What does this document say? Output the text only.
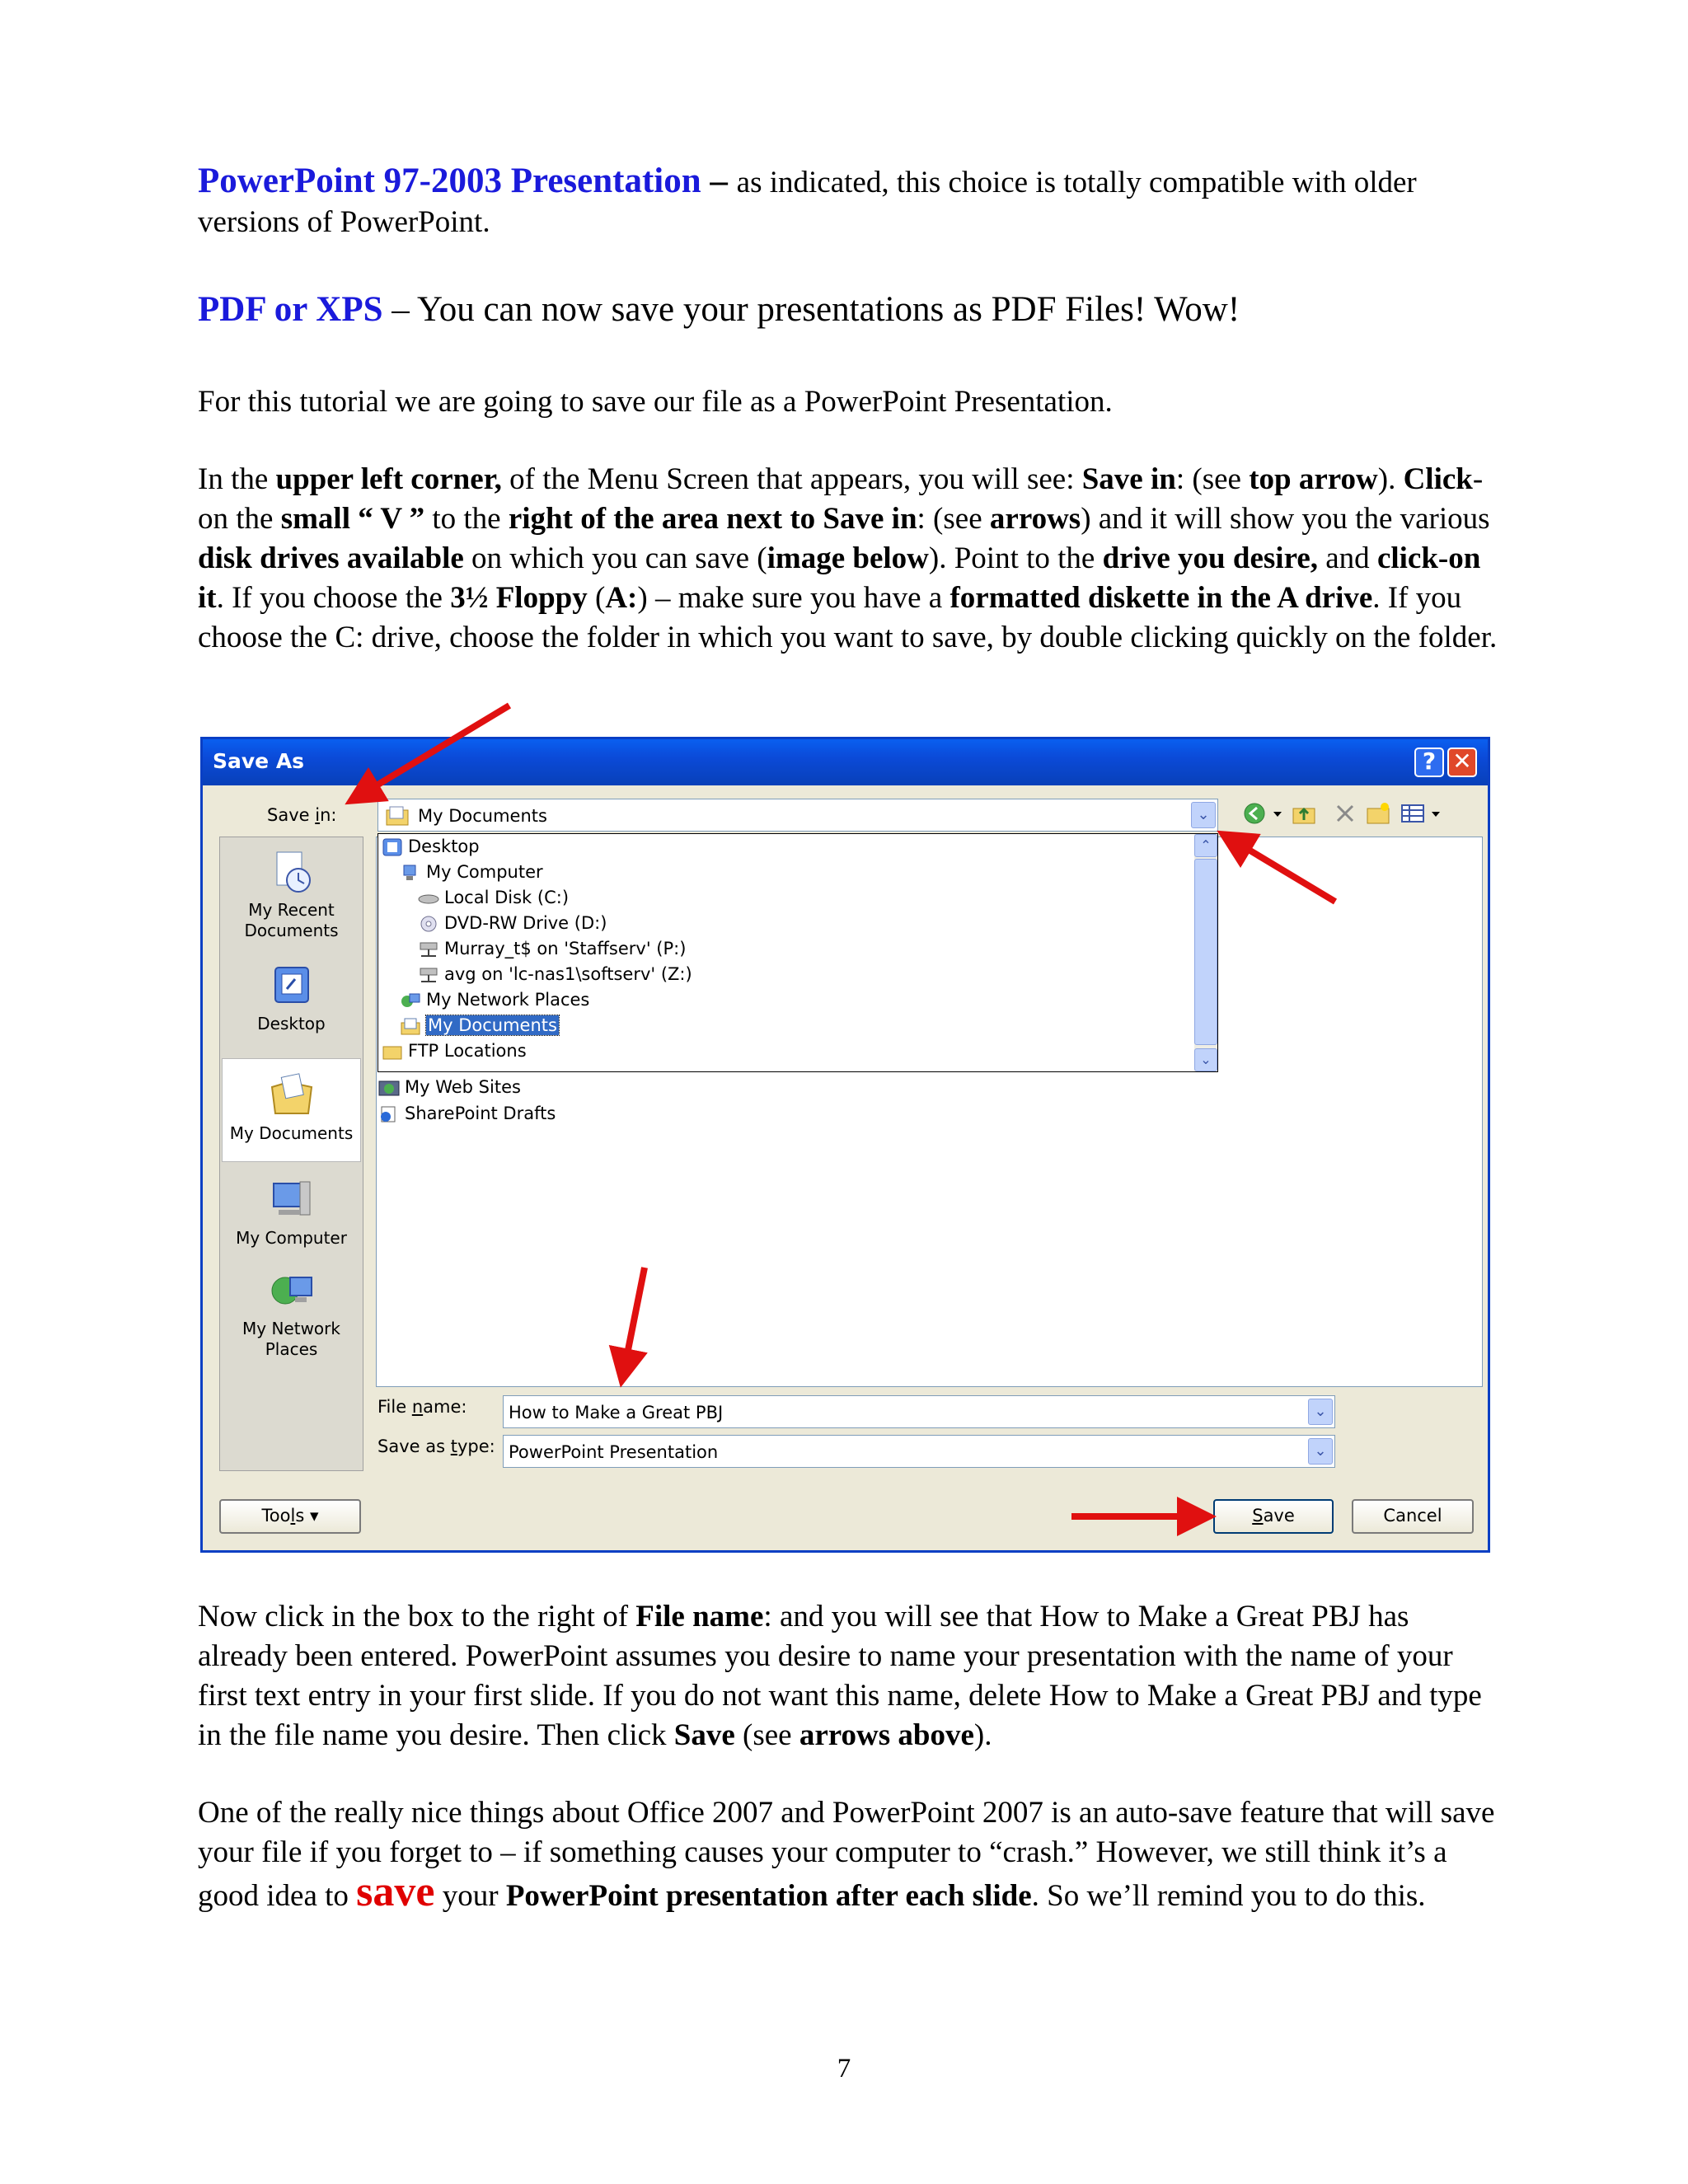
PowerPoint 97-2003 Presentation – as indicated, this choice is totally compatible with older versions of PowerPoint.

PDF or XPS – You can now save your presentations as PDF Files! Wow!

For this tutorial we are going to save our file as a PowerPoint Presentation.

In the upper left corner, of the Menu Screen that appears, you will see: Save in: (see top arrow). Click-on the small “ V ” to the right of the area next to Save in: (see arrows) and it will show you the various disk drives available on which you can save (image below). Point to the drive you desire, and click-on it. If you choose the 3½ Floppy (A:) – make sure you have a formatted diskette in the A drive. If you choose the C: drive, choose the folder in which you want to save, by double clicking quickly on the folder.

Save As	? ✕
Save in:	My Documents	⌄
My Recent
Documents
Desktop
My Documents
My Computer
My Network
Places
My Web Sites
SharePoint Drafts
Desktop
My Computer
Local Disk (C:)
DVD-RW Drive (D:)
Murray_t$ on 'Staffserv' (P:)
avg on 'lc-nas1\softserv' (Z:)
My Network Places
My Documents
FTP Locations
⌃
⌄
File name: How to Make a Great PBJ	⌄
Save as type: PowerPoint Presentation	⌄
Tools ▾	Save	Cancel

Now click in the box to the right of File name: and you will see that How to Make a Great PBJ has already been entered. PowerPoint assumes you desire to name your presentation with the name of your first text entry in your first slide. If you do not want this name, delete How to Make a Great PBJ and type in the file name you desire. Then click Save (see arrows above).

One of the really nice things about Office 2007 and PowerPoint 2007 is an auto-save feature that will save your file if you forget to – if something causes your computer to “crash.” However, we still think it’s a good idea to save your PowerPoint presentation after each slide. So we’ll remind you to do this.

7
